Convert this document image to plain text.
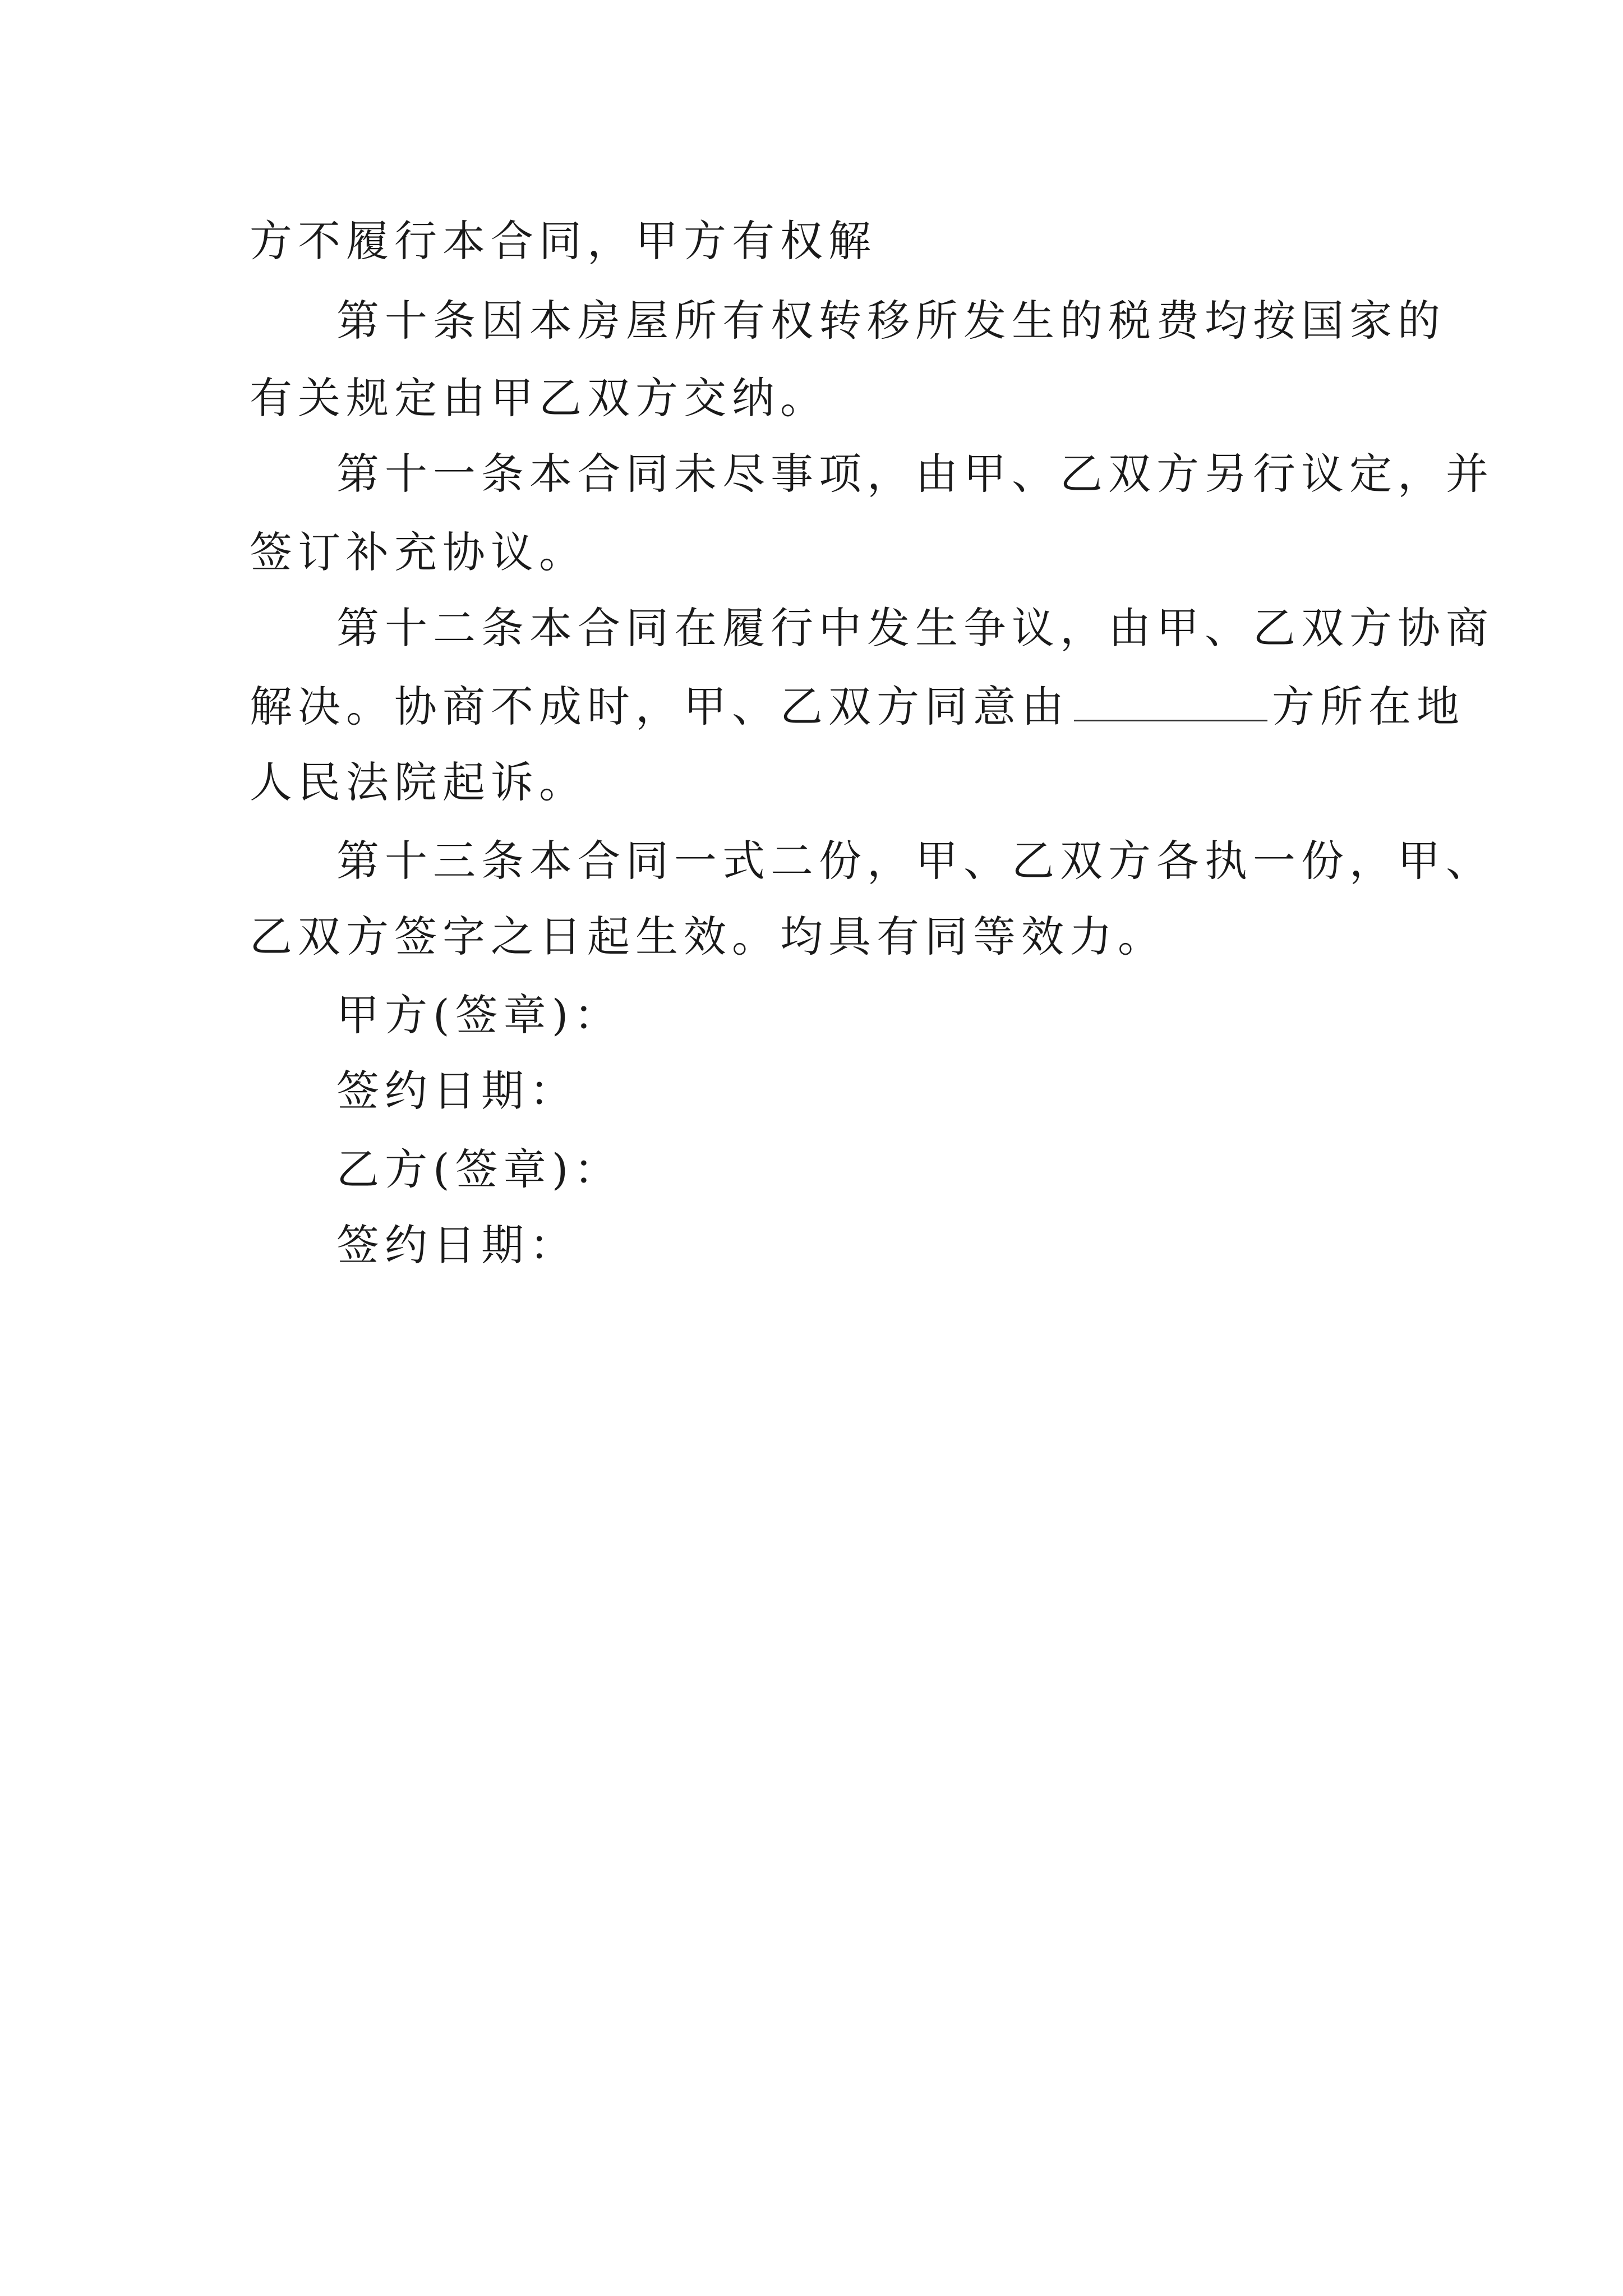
方不履行本合同，甲方有权解

第十条因本房屋所有权转移所发生的税费均按国家的

有关规定由甲乙双方交纳。

第十一条本合同未尽事项，由甲、乙双方另行议定，并

签订补充协议。

第十二条本合同在履行中发生争议，由甲、乙双方协商

解决。协商不成时，甲、乙双方同意由	方所在地

人民法院起诉。

第十三条本合同一式二份，甲、乙双方各执一份，甲、

乙双方签字之日起生效。均具有同等效力。

甲方(签章)：

签约日期：

乙方(签章)：

签约日期：
